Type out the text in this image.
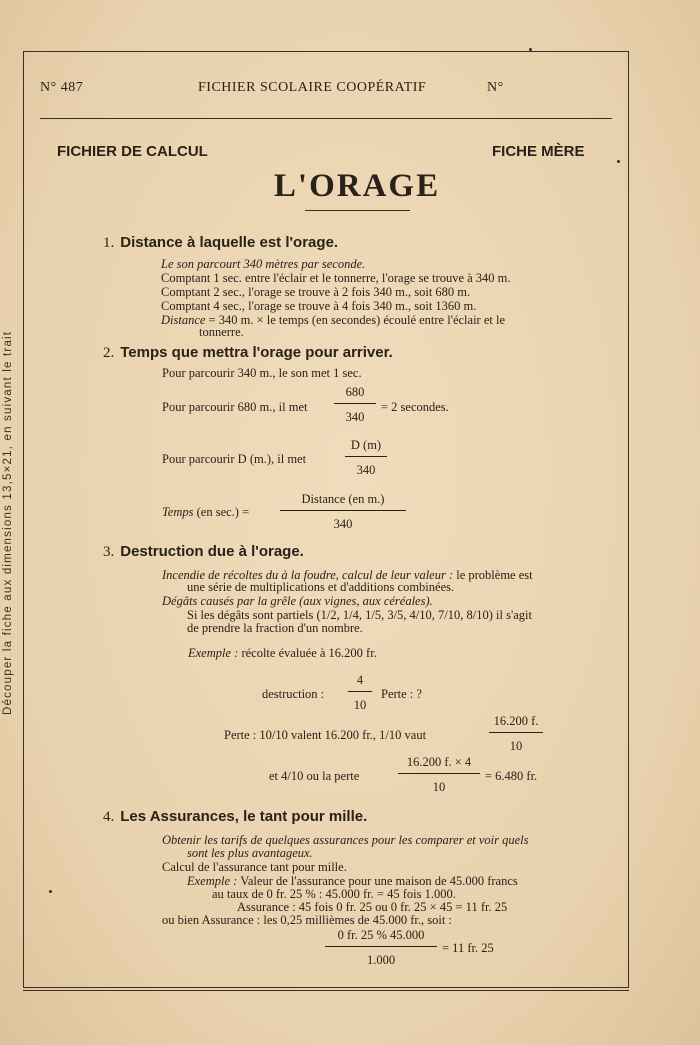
Découper la fiche aux dimensions 13,5×21, en suivant le trait
N° 487	FICHIER SCOLAIRE COOPÉRATIF	N°
FICHIER DE CALCUL	FICHE MÈRE
L'ORAGE
1. Distance à laquelle est l'orage.
Le son parcourt 340 mètres par seconde.
Comptant 1 sec. entre l'éclair et le tonnerre, l'orage se trouve à 340 m.
Comptant 2 sec., l'orage se trouve à 2 fois 340 m., soit 680 m.
Comptant 4 sec., l'orage se trouve à 4 fois 340 m., soit 1360 m.
Distance = 340 m. × le temps (en secondes) écoulé entre l'éclair et le
tonnerre.
2. Temps que mettra l'orage pour arriver.
Pour parcourir 340 m., le son met 1 sec.
Pour parcourir 680 m., il met
680
340
= 2 secondes.
Pour parcourir D (m.), il met
D (m)
340
Temps (en sec.) =
Distance (en m.)
340
3. Destruction due à l'orage.
Incendie de récoltes du à la foudre, calcul de leur valeur : le problème est
une série de multiplications et d'additions combinées.
Dégâts causés par la grêle (aux vignes, aux céréales).
Si les dégâts sont partiels (1/2, 1/4, 1/5, 3/5, 4/10, 7/10, 8/10) il s'agit
de prendre la fraction d'un nombre.
Exemple : récolte évaluée à 16.200 fr.
destruction :
4
10
Perte : ?
Perte : 10/10 valent 16.200 fr., 1/10 vaut
16.200 f.
10
et 4/10 ou la perte
16.200 f. × 4
10
= 6.480 fr.
4. Les Assurances, le tant pour mille.
Obtenir les tarifs de quelques assurances pour les comparer et voir quels
sont les plus avantageux.
Calcul de l'assurance tant pour mille.
Exemple : Valeur de l'assurance pour une maison de 45.000 francs
au taux de 0 fr. 25 % : 45.000 fr. = 45 fois 1.000.
Assurance : 45 fois 0 fr. 25 ou 0 fr. 25 × 45 = 11 fr. 25
ou bien Assurance : les 0,25 millièmes de 45.000 fr., soit :
0 fr. 25 % 45.000
1.000
= 11 fr. 25
